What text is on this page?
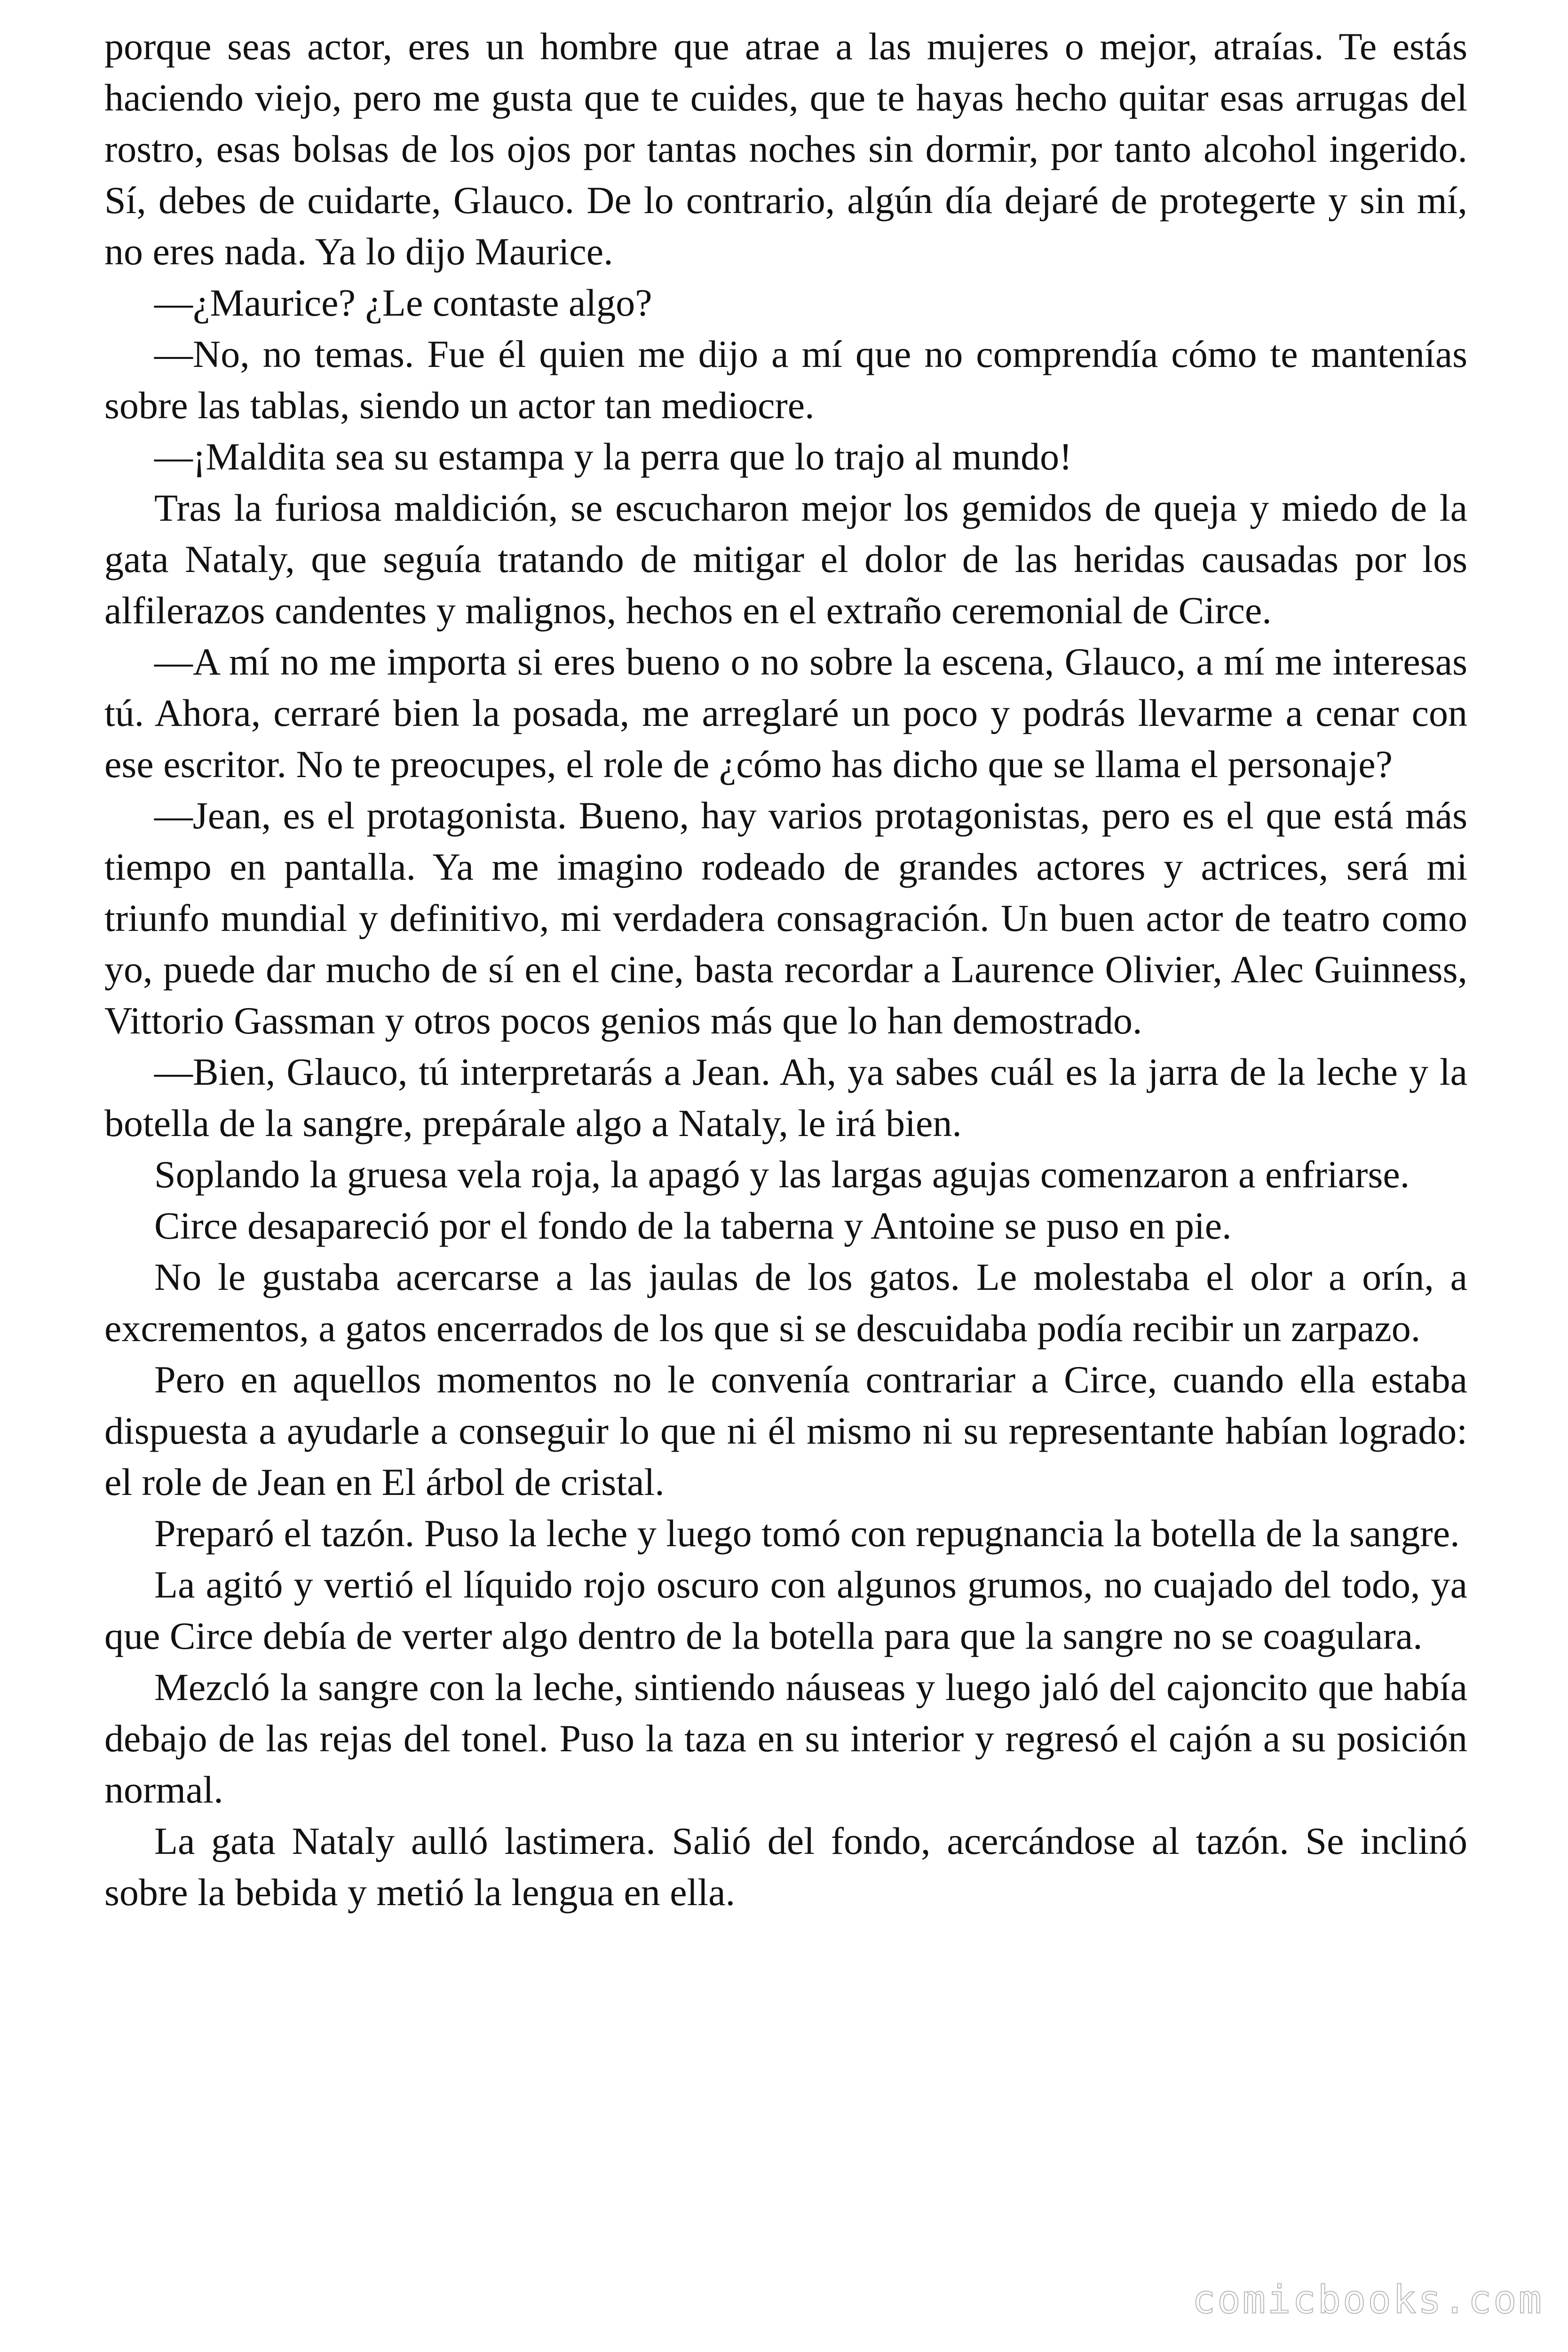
porque seas actor, eres un hombre que atrae a las mujeres o mejor, atraías. Te estás haciendo viejo, pero me gusta que te cuides, que te hayas hecho quitar esas arrugas del rostro, esas bolsas de los ojos por tantas noches sin dormir, por tanto alcohol ingerido. Sí, debes de cuidarte, Glauco. De lo contrario, algún día dejaré de protegerte y sin mí, no eres nada. Ya lo dijo Maurice.

—¿Maurice? ¿Le contaste algo?

—No, no temas. Fue él quien me dijo a mí que no comprendía cómo te mantenías sobre las tablas, siendo un actor tan mediocre.

—¡Maldita sea su estampa y la perra que lo trajo al mundo!

Tras la furiosa maldición, se escucharon mejor los gemidos de queja y miedo de la gata Nataly, que seguía tratando de mitigar el dolor de las heridas causadas por los alfilerazos candentes y malignos, hechos en el extraño ceremonial de Circe.

—A mí no me importa si eres bueno o no sobre la escena, Glauco, a mí me interesas tú. Ahora, cerraré bien la posada, me arreglaré un poco y podrás llevarme a cenar con ese escritor. No te preocupes, el role de ¿cómo has dicho que se llama el personaje?

—Jean, es el protagonista. Bueno, hay varios protagonistas, pero es el que está más tiempo en pantalla. Ya me imagino rodeado de grandes actores y actrices, será mi triunfo mundial y definitivo, mi verdadera consagración. Un buen actor de teatro como yo, puede dar mucho de sí en el cine, basta recordar a Laurence Olivier, Alec Guinness, Vittorio Gassman y otros pocos genios más que lo han demostrado.

—Bien, Glauco, tú interpretarás a Jean. Ah, ya sabes cuál es la jarra de la leche y la botella de la sangre, prepárale algo a Nataly, le irá bien.

Soplando la gruesa vela roja, la apagó y las largas agujas comenzaron a enfriarse.

Circe desapareció por el fondo de la taberna y Antoine se puso en pie.

No le gustaba acercarse a las jaulas de los gatos. Le molestaba el olor a orín, a excrementos, a gatos encerrados de los que si se descuidaba podía recibir un zarpazo.

Pero en aquellos momentos no le convenía contrariar a Circe, cuando ella estaba dispuesta a ayudarle a conseguir lo que ni él mismo ni su representante habían logrado: el role de Jean en El árbol de cristal.

Preparó el tazón. Puso la leche y luego tomó con repugnancia la botella de la sangre.

La agitó y vertió el líquido rojo oscuro con algunos grumos, no cuajado del todo, ya que Circe debía de verter algo dentro de la botella para que la sangre no se coagulara.

Mezcló la sangre con la leche, sintiendo náuseas y luego jaló del cajoncito que había debajo de las rejas del tonel. Puso la taza en su interior y regresó el cajón a su posición normal.

La gata Nataly aulló lastimera. Salió del fondo, acercándose al tazón. Se inclinó sobre la bebida y metió la lengua en ella.

comicbooks.com
